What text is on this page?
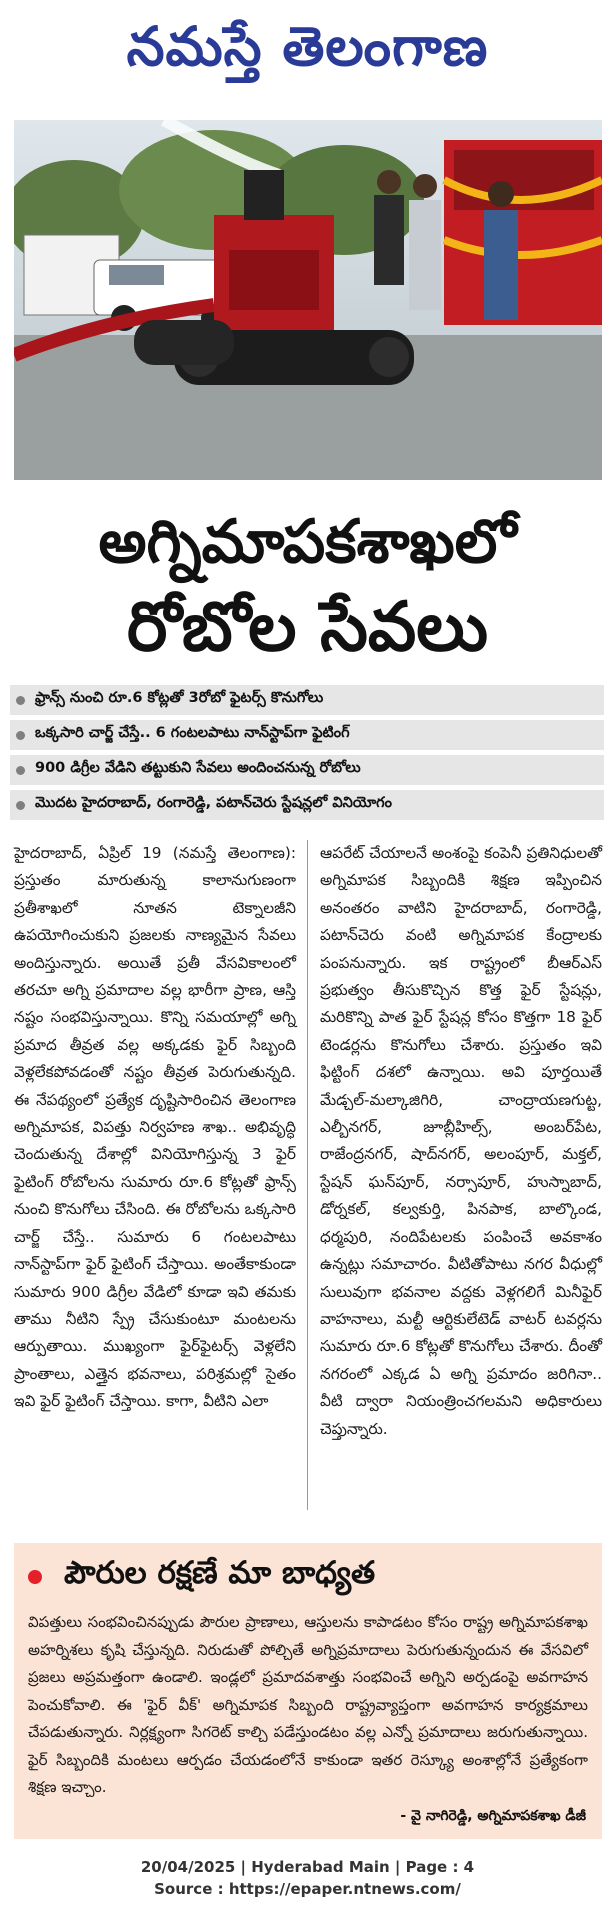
నమస్తే తెలంగాణ
అగ్నిమాపకశాఖలో
రోబోల సేవలు
ఫ్రాన్స్ నుంచి రూ.6 కోట్లతో 3రోబో ఫైటర్స్ కొనుగోలు
ఒక్కసారి చార్జ్ చేస్తే.. 6 గంటలపాటు నాన్‌స్టాప్‌గా ఫైటింగ్
900 డిగ్రీల వేడిని తట్టుకుని సేవలు అందించనున్న రోబోలు
మొదట హైదరాబాద్, రంగారెడ్డి, పటాన్‌చెరు స్టేషన్లలో వినియోగం
హైదరాబాద్, ఏప్రిల్ 19 (నమస్తే తెలంగాణ): ప్రస్తుతం మారుతున్న కాలానుగుణంగా ప్రతీశాఖలో నూతన టెక్నాలజీని ఉపయోగించుకుని ప్రజలకు నాణ్యమైన సేవలు అందిస్తున్నారు. అయితే ప్రతీ వేసవికాలంలో తరచూ అగ్ని ప్రమాదాల వల్ల భారీగా ప్రాణ, ఆస్తి నష్టం సంభవిస్తున్నాయి. కొన్ని సమయాల్లో అగ్ని ప్రమాద తీవ్రత వల్ల అక్కడకు ఫైర్ సిబ్బంది వెళ్లలేకపోవడంతో నష్టం తీవ్రత పెరుగుతున్నది. ఈ నేపథ్యంలో ప్రత్యేక దృష్టిసారించిన తెలంగాణ అగ్నిమాపక, విపత్తు నిర్వహణ శాఖ.. అభివృద్ధి చెందుతున్న దేశాల్లో వినియోగిస్తున్న 3 ఫైర్ ఫైటింగ్ రోబోలను సుమారు రూ.6 కోట్లతో ఫ్రాన్స్ నుంచి కొనుగోలు చేసింది. ఈ రోబోలను ఒక్కసారి చార్జ్ చేస్తే.. సుమారు 6 గంటలపాటు నాన్‌స్టాప్‌గా ఫైర్ ఫైటింగ్ చేస్తాయి. అంతేకాకుండా సుమారు 900 డిగ్రీల వేడిలో కూడా ఇవి తమకు తాము నీటిని స్ప్రే చేసుకుంటూ మంటలను ఆర్పుతాయి. ముఖ్యంగా ఫైర్‌ఫైటర్స్ వెళ్లలేని ప్రాంతాలు, ఎత్తైన భవనాలు, పరిశ్రమల్లో సైతం ఇవి ఫైర్ ఫైటింగ్ చేస్తాయి. కాగా, వీటిని ఎలా
ఆపరేట్ చేయాలనే అంశంపై కంపెనీ ప్రతినిధులతో అగ్నిమాపక సిబ్బందికి శిక్షణ ఇప్పించిన అనంతరం వాటిని హైదరాబాద్, రంగారెడ్డి, పటాన్‌చెరు వంటి అగ్నిమాపక కేంద్రాలకు పంపనున్నారు. ఇక రాష్ట్రంలో బీఆర్‌ఎస్ ప్రభుత్వం తీసుకొచ్చిన కొత్త ఫైర్ స్టేషన్లు, మరికొన్ని పాత ఫైర్ స్టేషన్ల కోసం కొత్తగా 18 ఫైర్ టెండర్లను కొనుగోలు చేశారు. ప్రస్తుతం ఇవి ఫిట్టింగ్ దశలో ఉన్నాయి. అవి పూర్తయితే మేడ్చల్-మల్కాజిగిరి, చాంద్రాయణగుట్ట, ఎల్బీనగర్, జూబ్లీహిల్స్, అంబర్‌పేట, రాజేంద్రనగర్, షాద్‌నగర్, అలంపూర్, మక్తల్, స్టేషన్ ఘన్‌పూర్, నర్సాపూర్, హుస్నాబాద్, డోర్నకల్, కల్వకుర్తి, పినపాక, బాల్కొండ, ధర్మపురి, నందిపేటలకు పంపించే అవకాశం ఉన్నట్లు సమాచారం. వీటితోపాటు నగర వీధుల్లో సులువుగా భవనాల వద్దకు వెళ్లగలిగే మినీఫైర్ వాహనాలు, మల్టీ ఆర్టికులేటెడ్ వాటర్ టవర్లను సుమారు రూ.6 కోట్లతో కొనుగోలు చేశారు. దీంతో నగరంలో ఎక్కడ ఏ అగ్ని ప్రమాదం జరిగినా.. వీటి ద్వారా నియంత్రించగలమని అధికారులు చెప్తున్నారు.
పౌరుల రక్షణే మా బాధ్యత
విపత్తులు సంభవించినప్పుడు పౌరుల ప్రాణాలు, ఆస్తులను కాపాడటం కోసం రాష్ట్ర అగ్నిమాపకశాఖ అహర్నిశలు కృషి చేస్తున్నది. నిరుడుతో పోల్చితే అగ్నిప్రమాదాలు పెరుగుతున్నందున ఈ వేసవిలో ప్రజలు అప్రమత్తంగా ఉండాలి. ఇండ్లలో ప్రమాదవశాత్తు సంభవించే అగ్నిని అర్పడంపై అవగాహన పెంచుకోవాలి. ఈ 'ఫైర్ వీక్' అగ్నిమాపక సిబ్బంది రాష్ట్రవ్యాప్తంగా అవగాహన కార్యక్రమాలు చేపడుతున్నారు. నిర్లక్ష్యంగా సిగరెట్ కాల్చి పడేస్తుండటం వల్ల ఎన్నో ప్రమాదాలు జరుగుతున్నాయి. ఫైర్ సిబ్బందికి మంటలు ఆర్పడం చేయడంలోనే కాకుండా ఇతర రెస్క్యూ అంశాల్లోనే ప్రత్యేకంగా శిక్షణ ఇచ్చాం.
- వై నాగిరెడ్డి, అగ్నిమాపకశాఖ డీజీ
20/04/2025 | Hyderabad Main | Page : 4
Source : https://epaper.ntnews.com/
